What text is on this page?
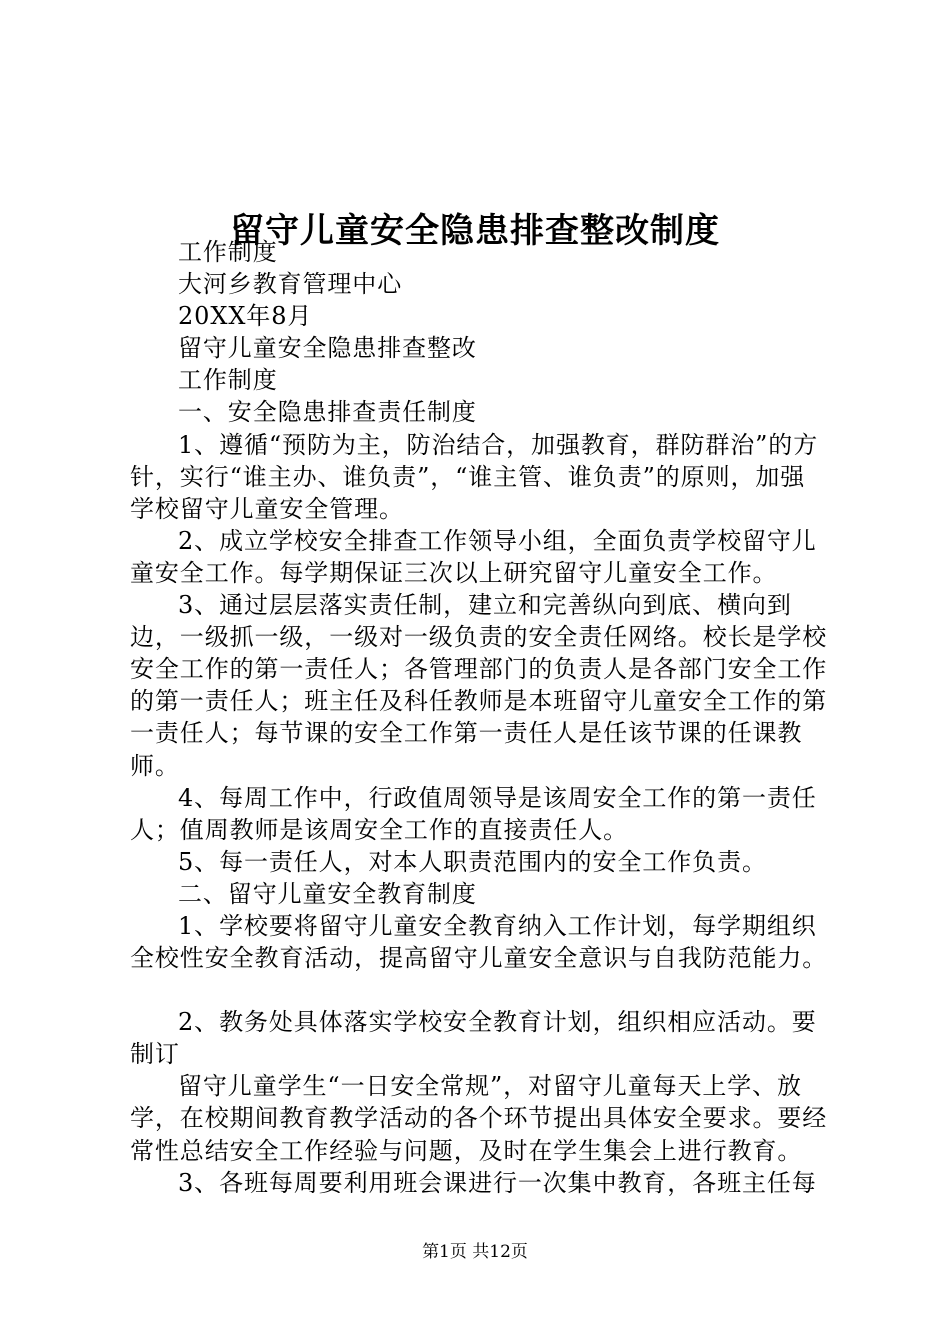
留守儿童安全隐患排查整改制度

工作制度

大河乡教育管理中心

20XX年8月

留守儿童安全隐患排查整改

工作制度

一、安全隐患排查责任制度

1、遵循“预防为主，防治结合，加强教育，群防群治”的方针，实行“谁主办、谁负责”，“谁主管、谁负责”的原则，加强学校留守儿童安全管理。

2、成立学校安全排查工作领导小组，全面负责学校留守儿童安全工作。每学期保证三次以上研究留守儿童安全工作。

3、通过层层落实责任制，建立和完善纵向到底、横向到边，一级抓一级，一级对一级负责的安全责任网络。校长是学校安全工作的第一责任人；各管理部门的负责人是各部门安全工作的第一责任人；班主任及科任教师是本班留守儿童安全工作的第一责任人；每节课的安全工作第一责任人是任该节课的任课教师。

4、每周工作中，行政值周领导是该周安全工作的第一责任人；值周教师是该周安全工作的直接责任人。

5、每一责任人，对本人职责范围内的安全工作负责。

二、留守儿童安全教育制度

1、学校要将留守儿童安全教育纳入工作计划，每学期组织全校性安全教育活动，提高留守儿童安全意识与自我防范能力。

2、教务处具体落实学校安全教育计划，组织相应活动。要制订

留守儿童学生“一日安全常规”，对留守儿童每天上学、放学，在校期间教育教学活动的各个环节提出具体安全要求。要经常性总结安全工作经验与问题，及时在学生集会上进行教育。

3、各班每周要利用班会课进行一次集中教育，各班主任每

第1页 共12页
